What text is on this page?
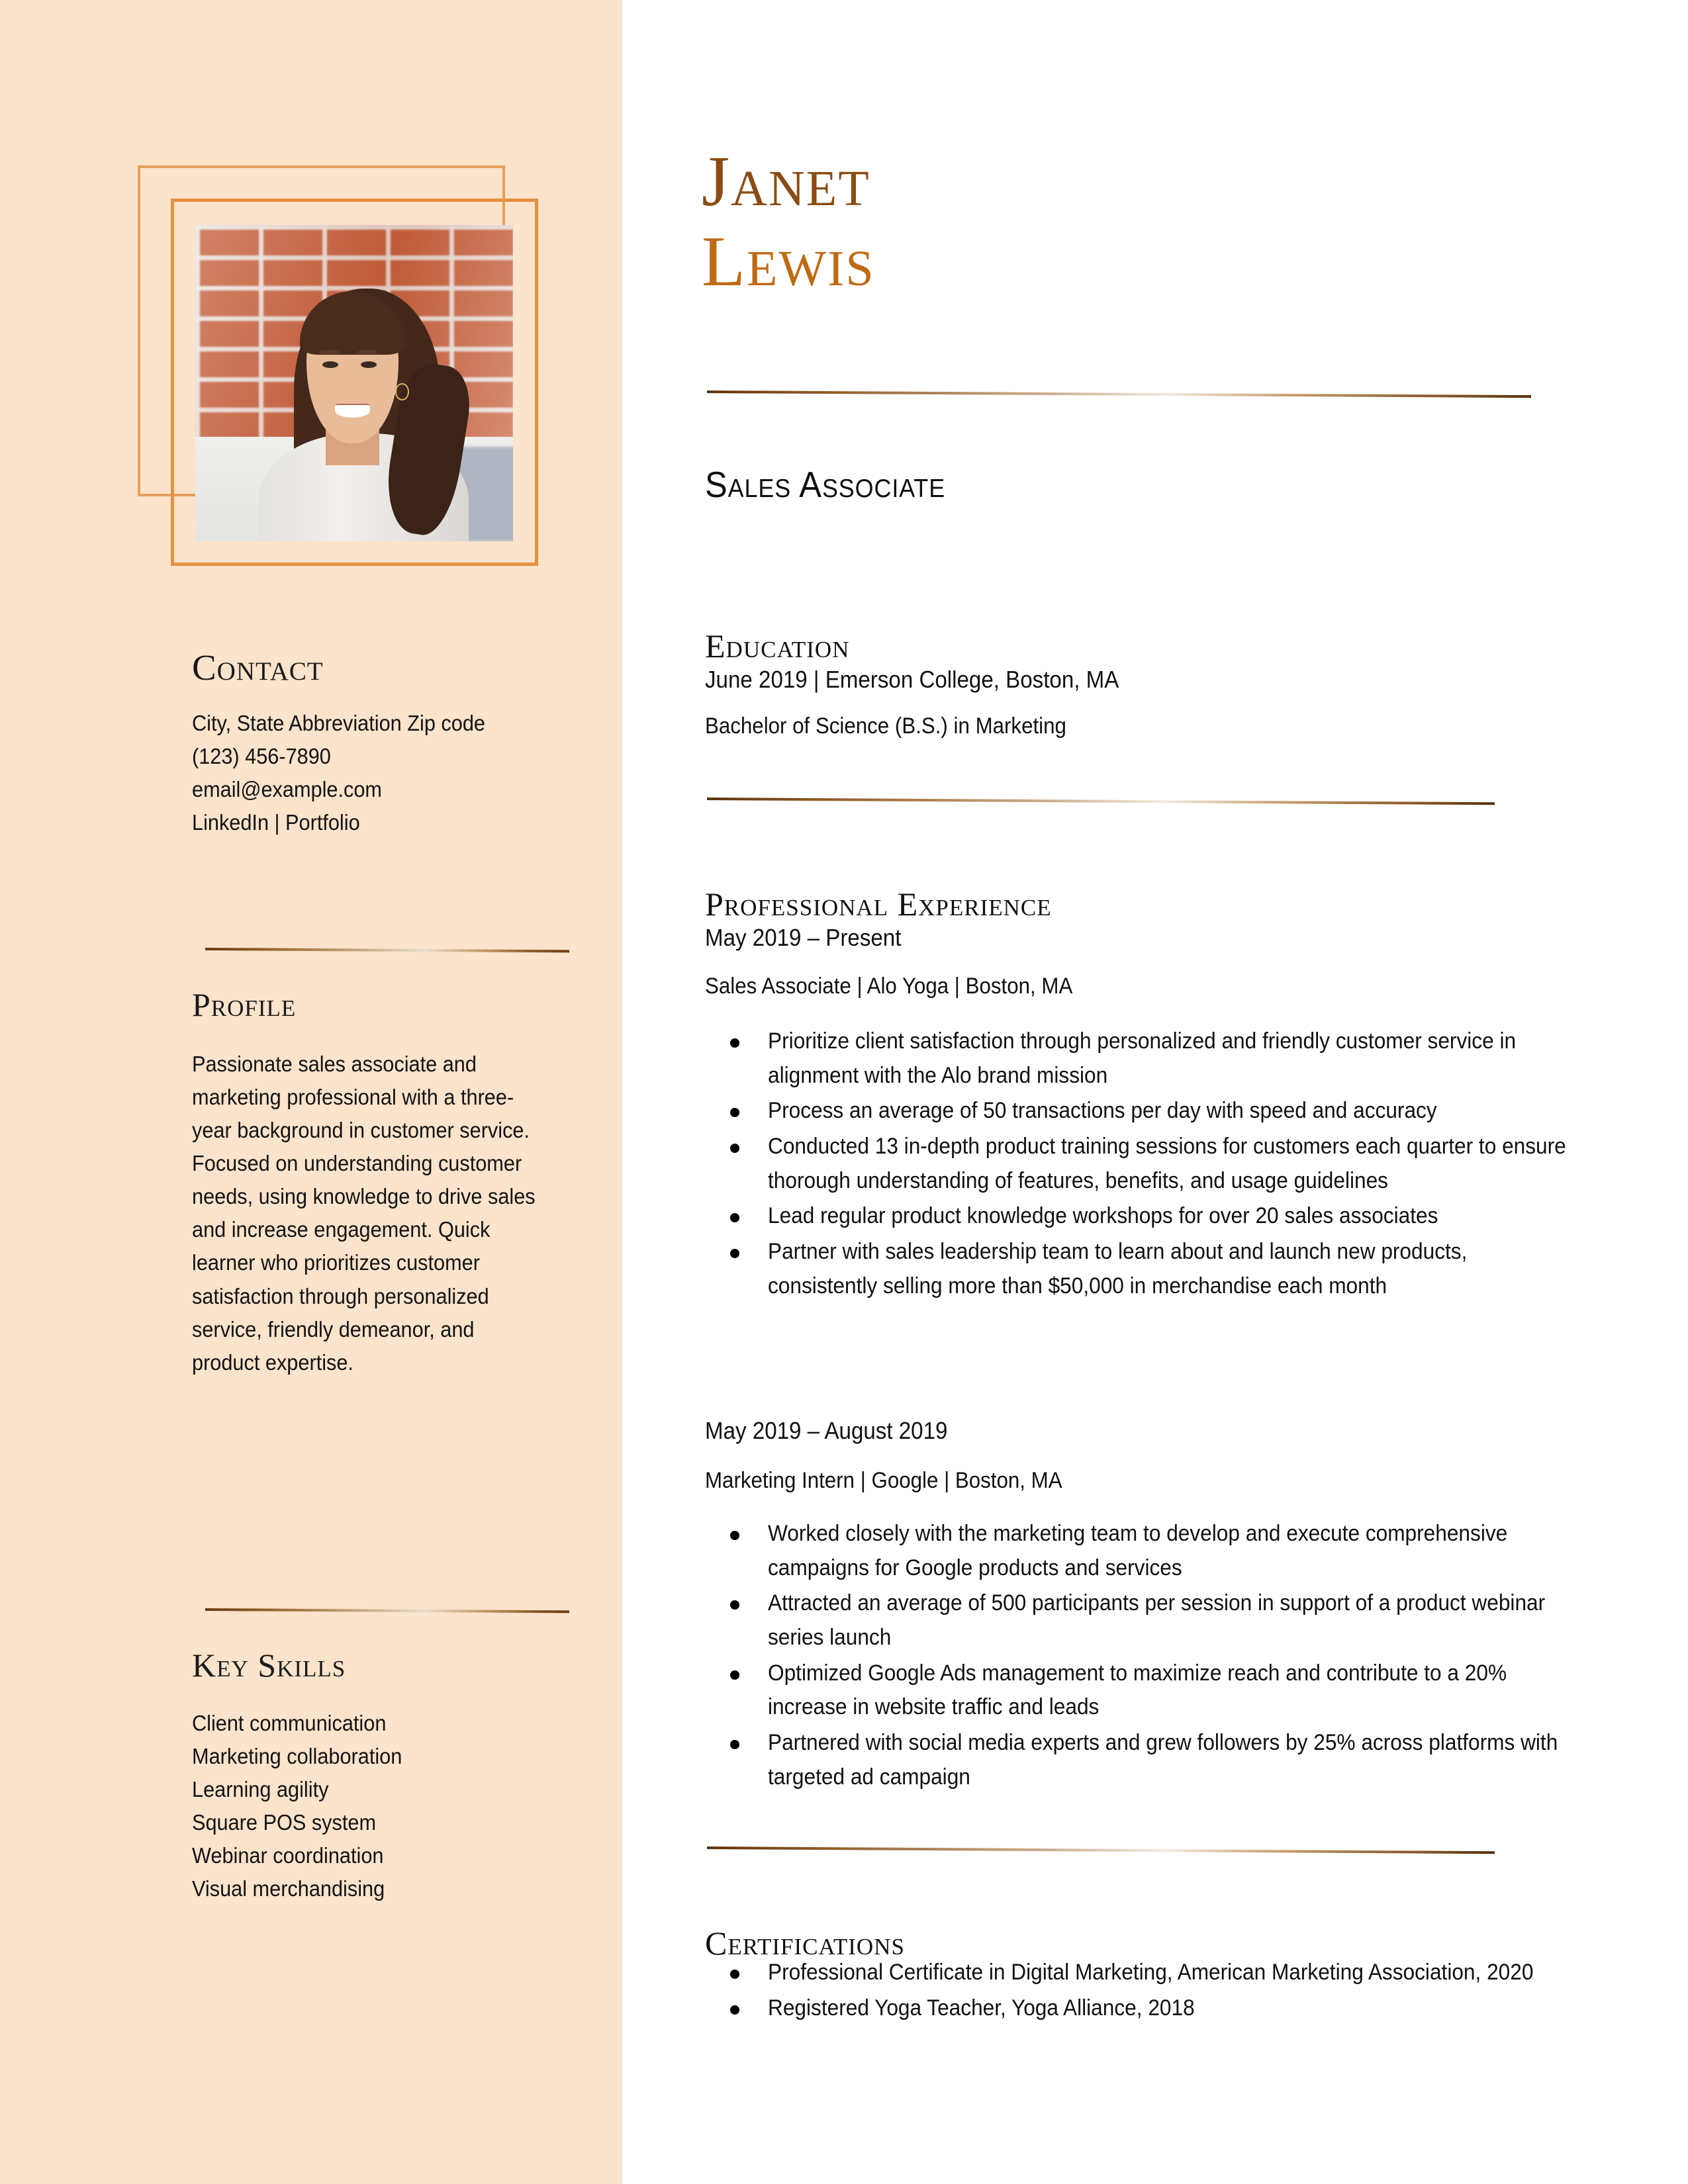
Contact
City, State Abbreviation Zip code
(123) 456-7890
email@example.com
LinkedIn | Portfolio
Profile

Passionate sales associate and marketing professional with a three-year background in customer service. Focused on understanding customer needs, using knowledge to drive sales and increase engagement. Quick learner who prioritizes customer satisfaction through personalized service, friendly demeanor, and product expertise.

Key Skills
Client communication
Marketing collaboration
Learning agility
Square POS system
Webinar coordination
Visual merchandising
Janet
Lewis
Sales Associate
Education
June 2019 | Emerson College, Boston, MA
Bachelor of Science (B.S.) in Marketing
Professional Experience
May 2019 – Present
Sales Associate | Alo Yoga | Boston, MA
Prioritize client satisfaction through personalized and friendly customer service in alignment with the Alo brand mission
Process an average of 50 transactions per day with speed and accuracy
Conducted 13 in-depth product training sessions for customers each quarter to ensure thorough understanding of features, benefits, and usage guidelines
Lead regular product knowledge workshops for over 20 sales associates
Partner with sales leadership team to learn about and launch new products, consistently selling more than $50,000 in merchandise each month
May 2019 – August 2019
Marketing Intern | Google | Boston, MA
Worked closely with the marketing team to develop and execute comprehensive campaigns for Google products and services
Attracted an average of 500 participants per session in support of a product webinar series launch
Optimized Google Ads management to maximize reach and contribute to a 20% increase in website traffic and leads
Partnered with social media experts and grew followers by 25% across platforms with targeted ad campaign
Certifications
Professional Certificate in Digital Marketing, American Marketing Association, 2020
Registered Yoga Teacher, Yoga Alliance, 2018
